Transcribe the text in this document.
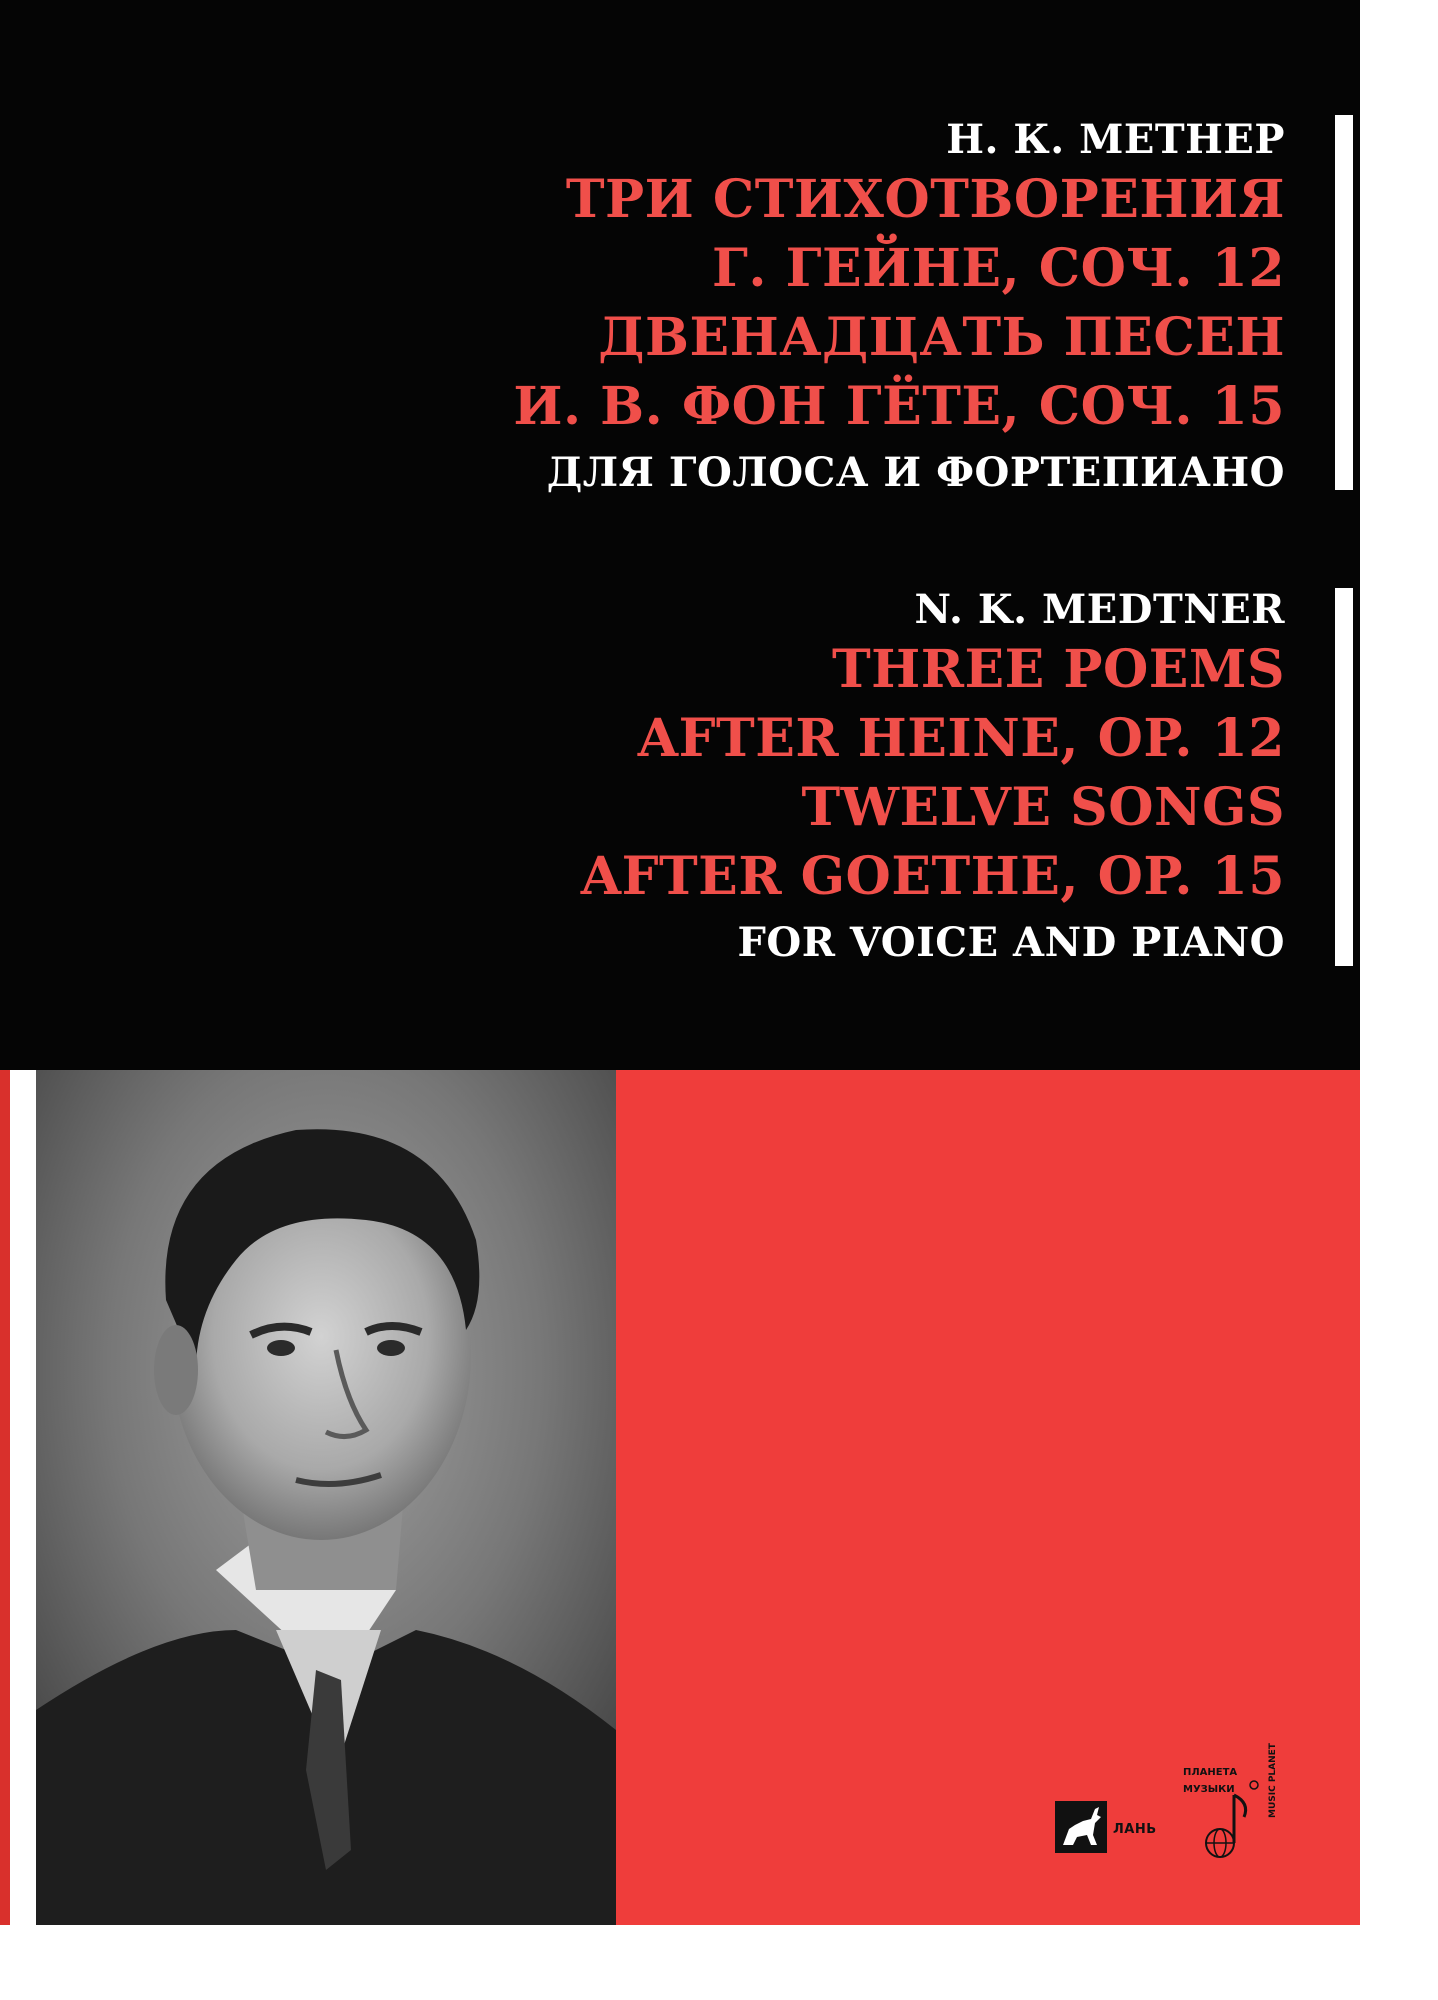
Н. К. МЕТНЕР
ТРИ СТИХОТВОРЕНИЯ
Г. ГЕЙНЕ, СОЧ. 12
ДВЕНАДЦАТЬ ПЕСЕН
И. В. ФОН ГЁТЕ, СОЧ. 15
ДЛЯ ГОЛОСА И ФОРТЕПИАНО
N. K. MEDTNER
THREE POEMS
AFTER HEINE, OP. 12
TWELVE SONGS
AFTER GOETHE, OP. 15
FOR VOICE AND PIANO
ЛАНЬ
ПЛАНЕТА
МУЗЫКИ	MUSIC PLANET
